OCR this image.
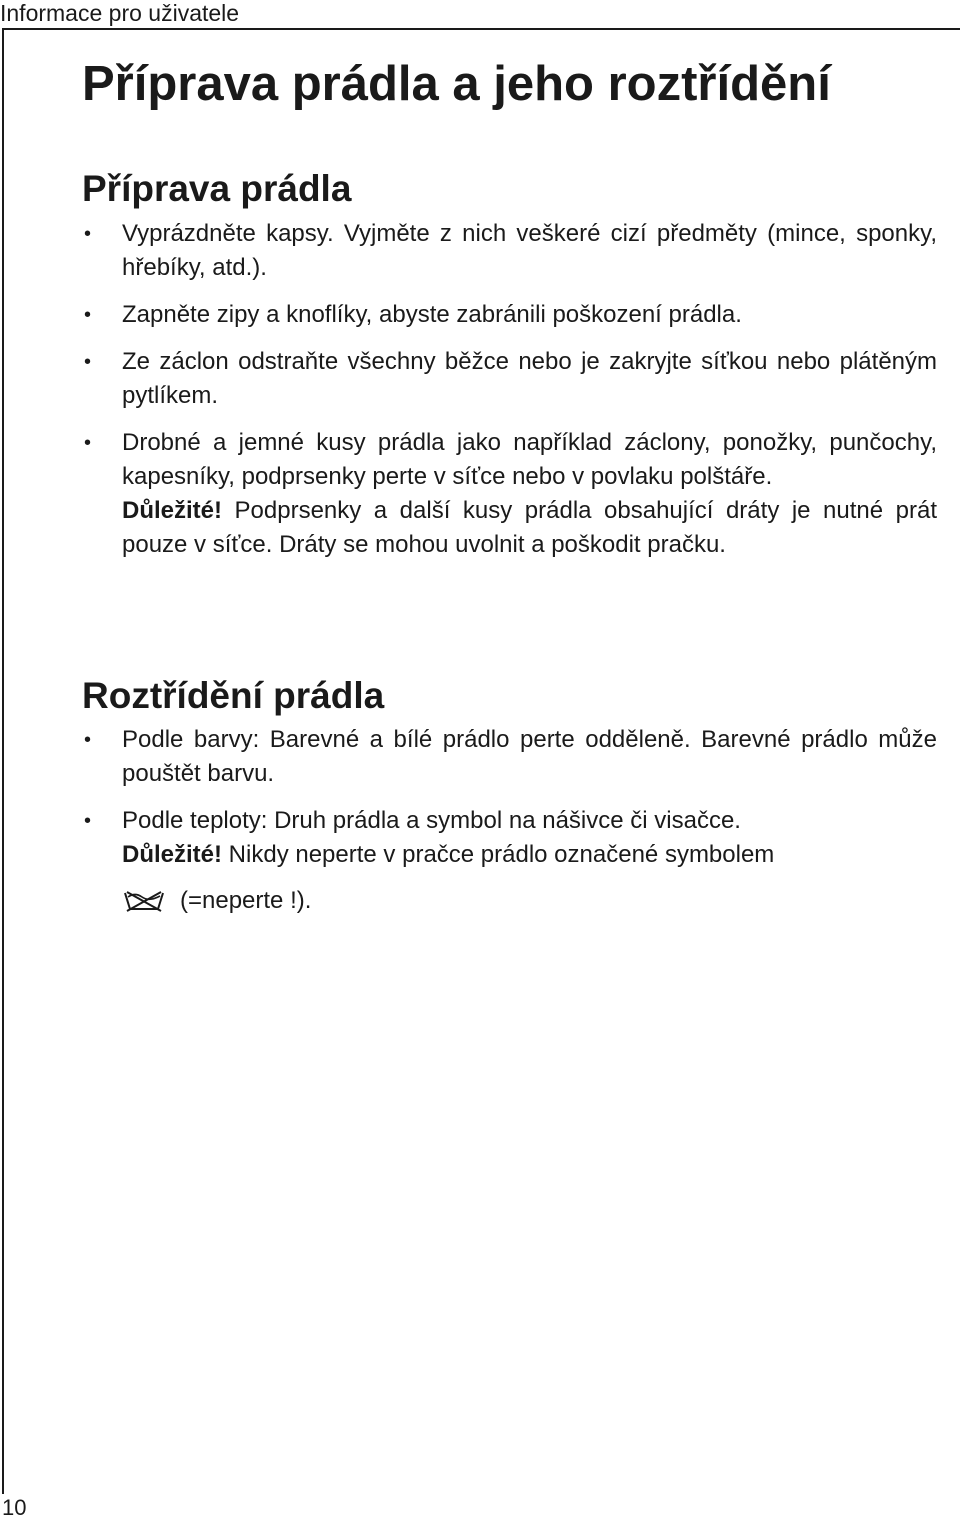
Informace pro uživatele
Příprava prádla a jeho roztřídění
Příprava prádla
• Vyprázdněte kapsy. Vyjměte z nich veškeré cizí předměty (mince, sponky, hřebíky, atd.).
• Zapněte zipy a knoflíky, abyste zabránili poškození prádla.
• Ze záclon odstraňte všechny běžce nebo je zakryjte síťkou nebo plátěným pytlíkem.
• Drobné a jemné kusy prádla jako například záclony, ponožky, punčochy, kapesníky, podprsenky perte v síťce nebo v povlaku polštáře.
Důležité! Podprsenky a další kusy prádla obsahující dráty je nutné prát pouze v síťce. Dráty se mohou uvolnit a poškodit pračku.
Roztřídění prádla
• Podle barvy: Barevné a bílé prádlo perte odděleně. Barevné prádlo může pouštět barvu.
• Podle teploty: Druh prádla a symbol na nášivce či visačce.
Důležité! Nikdy neperte v pračce prádlo označené symbolem
(=neperte !).
10
